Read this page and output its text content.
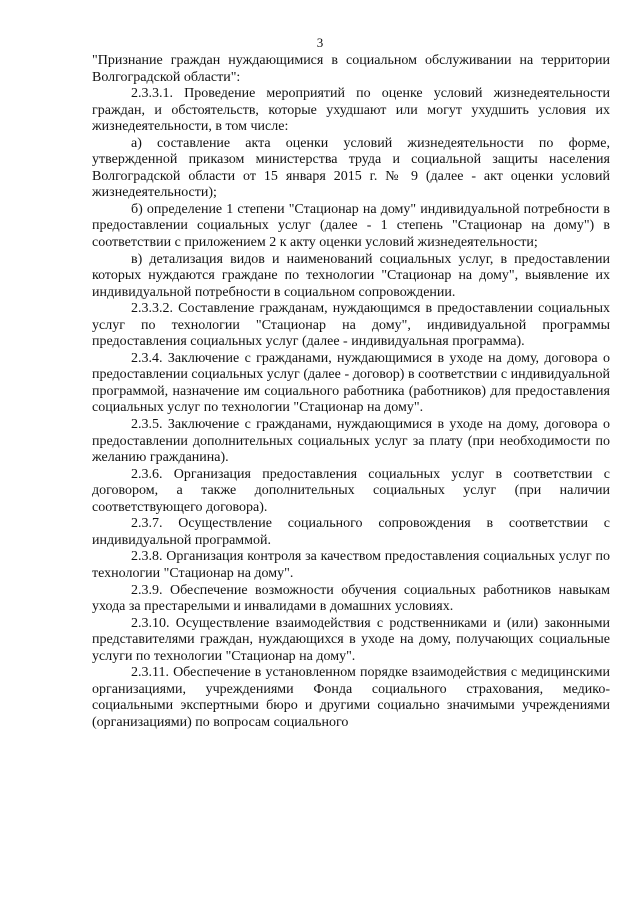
3

"Признание граждан нуждающимися в социальном обслуживании на территории Волгоградской области":

2.3.3.1. Проведение мероприятий по оценке условий жизнедеятельности граждан, и обстоятельств, которые ухудшают или могут ухудшить условия их жизнедеятельности, в том числе:

а) составление акта оценки условий жизнедеятельности по форме, утвержденной приказом министерства труда и социальной защиты населения Волгоградской области от 15 января 2015 г. № 9 (далее - акт оценки условий жизнедеятельности);

б) определение 1 степени "Стационар на дому" индивидуальной потребности в предоставлении социальных услуг (далее - 1 степень "Стационар на дому") в соответствии с приложением 2 к акту оценки условий жизнедеятельности;

в) детализация видов и наименований социальных услуг, в предоставлении которых нуждаются граждане по технологии "Стационар на дому", выявление их индивидуальной потребности в социальном сопровождении.

2.3.3.2. Составление гражданам, нуждающимся в предоставлении социальных услуг по технологии "Стационар на дому", индивидуальной программы предоставления социальных услуг (далее - индивидуальная программа).

2.3.4. Заключение с гражданами, нуждающимися в уходе на дому, договора о предоставлении социальных услуг (далее - договор) в соответствии с индивидуальной программой, назначение им социального работника (работников) для предоставления социальных услуг по технологии "Стационар на дому".

2.3.5. Заключение с гражданами, нуждающимися в уходе на дому, договора о предоставлении дополнительных социальных услуг за плату (при необходимости по желанию гражданина).

2.3.6. Организация предоставления социальных услуг в соответствии с договором, а также дополнительных социальных услуг (при наличии соответствующего договора).

2.3.7. Осуществление социального сопровождения в соответствии с индивидуальной программой.

2.3.8. Организация контроля за качеством предоставления социальных услуг по технологии "Стационар на дому".

2.3.9. Обеспечение возможности обучения социальных работников навыкам ухода за престарелыми и инвалидами в домашних условиях.

2.3.10. Осуществление взаимодействия с родственниками и (или) законными представителями граждан, нуждающихся в уходе на дому, получающих социальные услуги по технологии "Стационар на дому".

2.3.11. Обеспечение в установленном порядке взаимодействия с медицинскими организациями, учреждениями Фонда социального страхования, медико-социальными экспертными бюро и другими социально значимыми учреждениями (организациями) по вопросам социального
